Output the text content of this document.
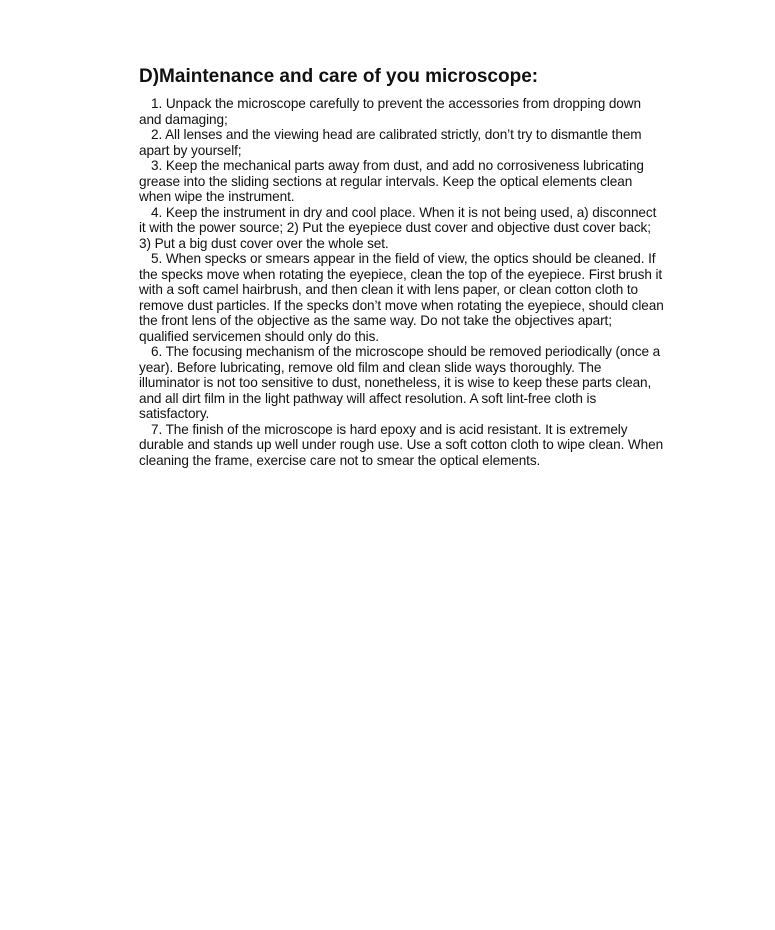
D)Maintenance and care of you microscope:
1. Unpack the microscope carefully to prevent the accessories from dropping down and damaging;
2. All lenses and the viewing head are calibrated strictly, don’t try to dismantle them apart by yourself;
3. Keep the mechanical parts away from dust, and add no corrosiveness lubricating grease into the sliding sections at regular intervals. Keep the optical elements clean when wipe the instrument.
4. Keep the instrument in dry and cool place. When it is not being used, a) disconnect it with the power source; 2) Put the eyepiece dust cover and objective dust cover back; 3) Put a big dust cover over the whole set.
5. When specks or smears appear in the field of view, the optics should be cleaned. If the specks move when rotating the eyepiece, clean the top of the eyepiece. First brush it with a soft camel hairbrush, and then clean it with lens paper, or clean cotton cloth to remove dust particles. If the specks don’t move when rotating the eyepiece, should clean the front lens of the objective as the same way. Do not take the objectives apart; qualified servicemen should only do this.
6. The focusing mechanism of the microscope should be removed periodically (once a year). Before lubricating, remove old film and clean slide ways thoroughly. The illuminator is not too sensitive to dust, nonetheless, it is wise to keep these parts clean, and all dirt film in the light pathway will affect resolution. A soft lint-free cloth is satisfactory.
7. The finish of the microscope is hard epoxy and is acid resistant. It is extremely durable and stands up well under rough use. Use a soft cotton cloth to wipe clean. When cleaning the frame, exercise care not to smear the optical elements.
